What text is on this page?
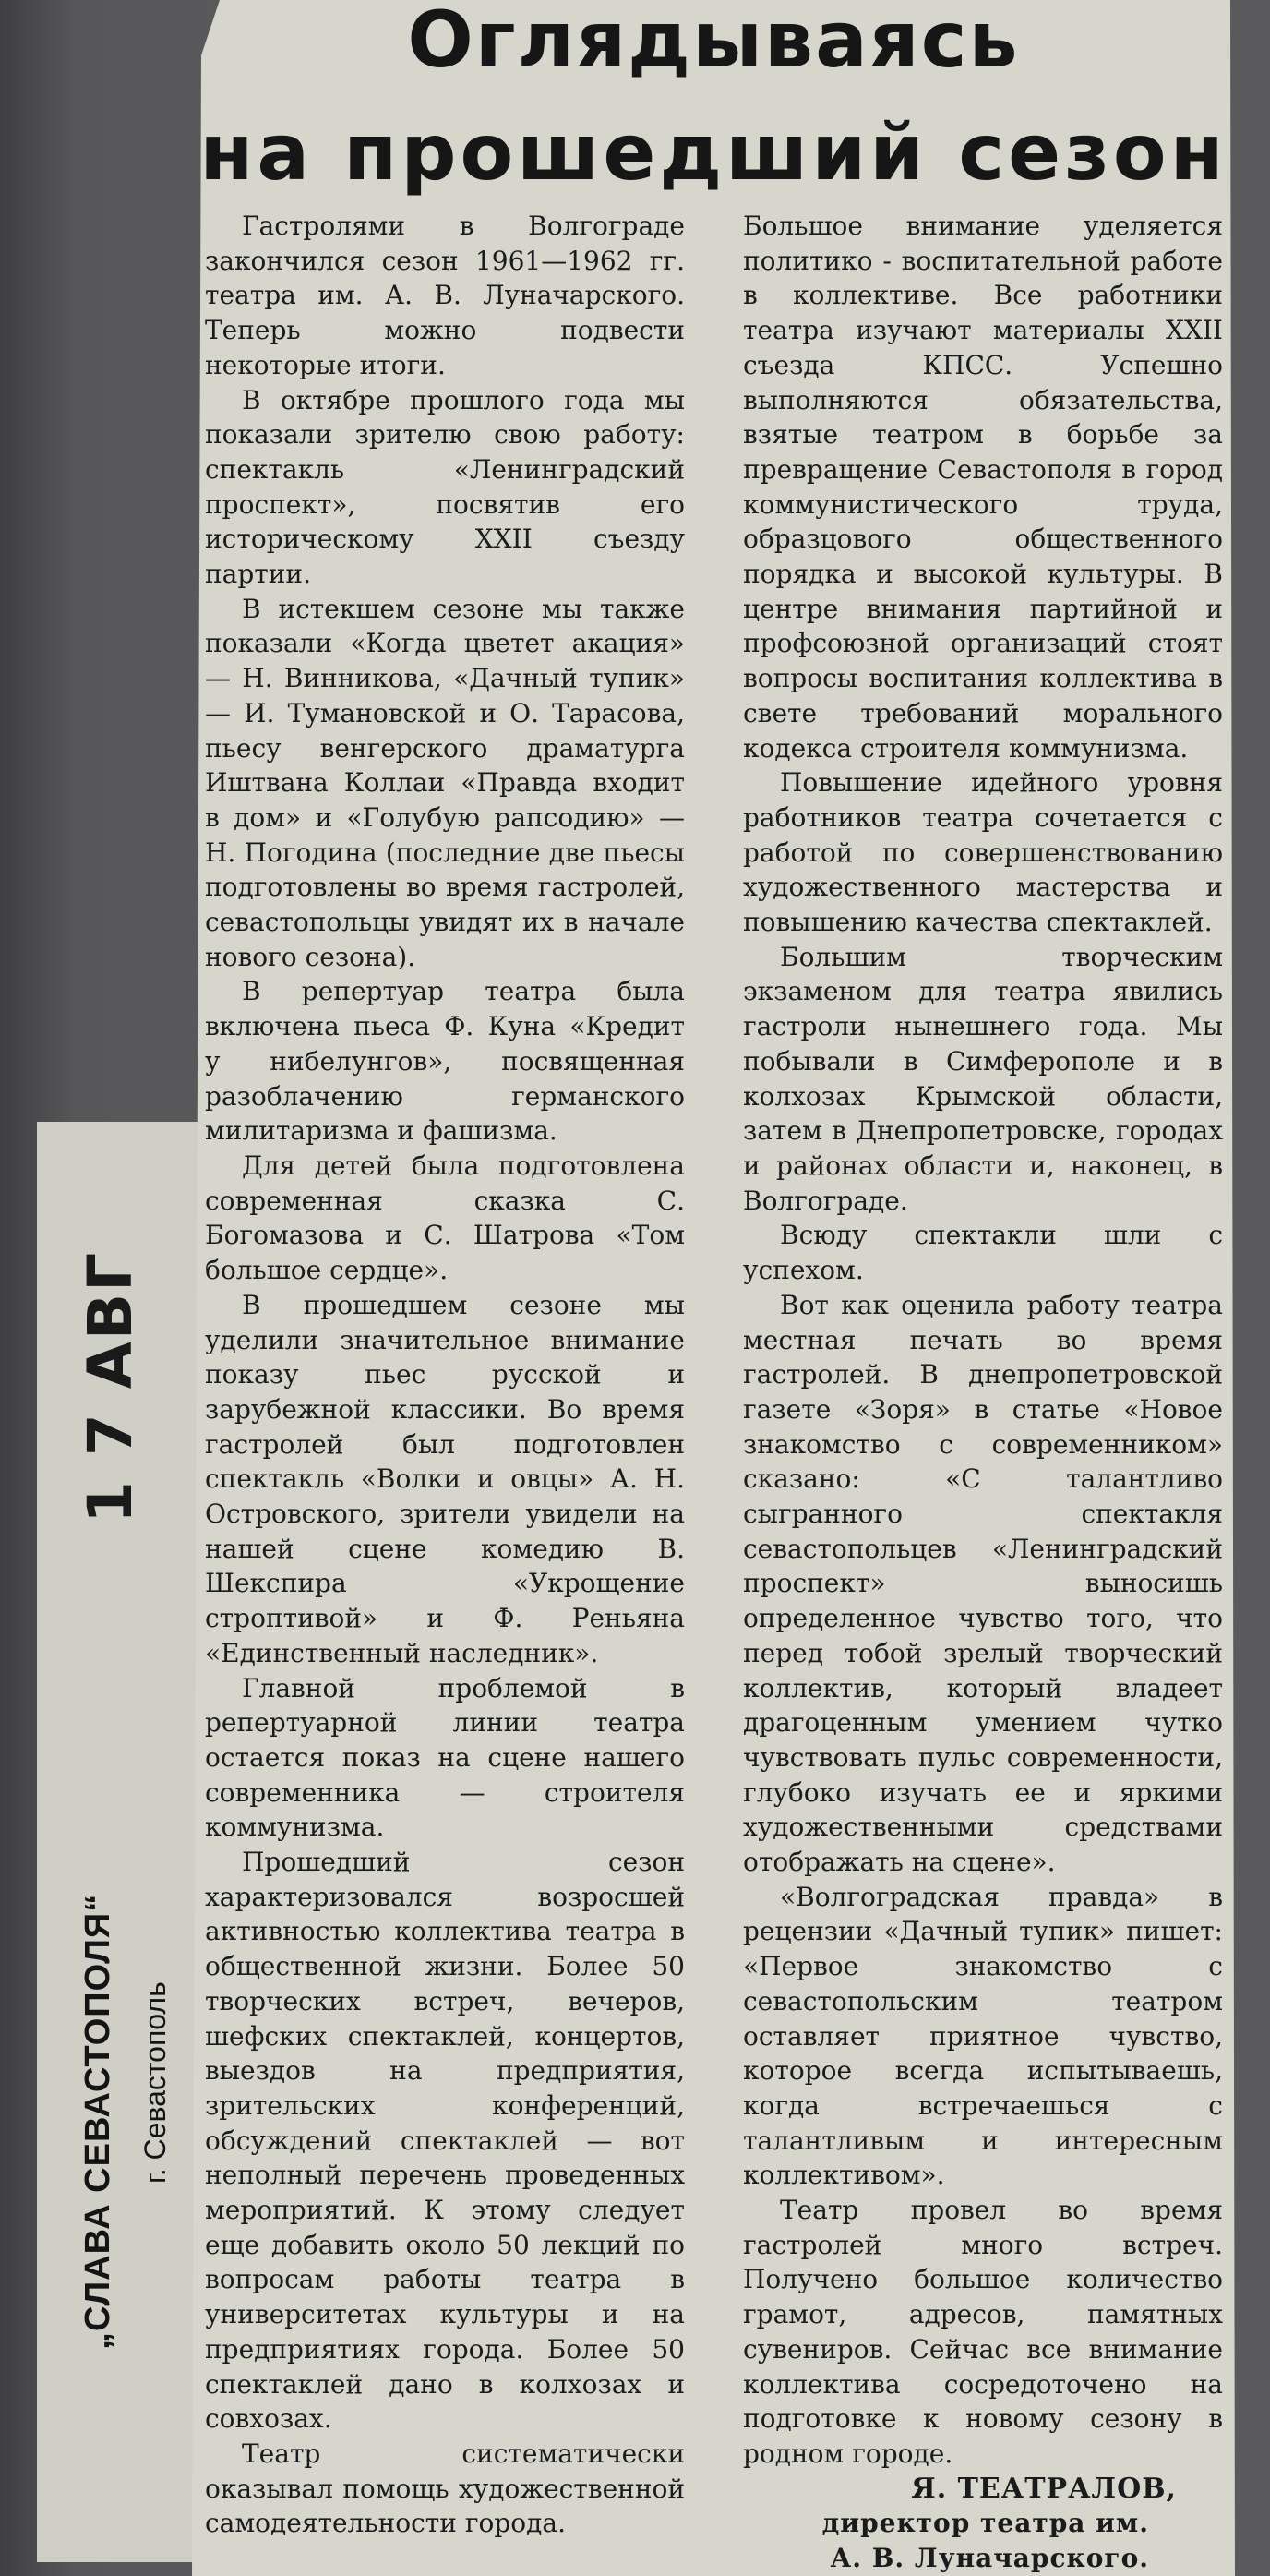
1 7 АВГ 1962
„СЛАВА СЕВАСТОПОЛЯ“ г. Севастополь
Оглядываясь
на прошедший сезон

Гастролями в Волгограде закончился сезон 1961—1962 гг. театра им. А. В. Луначарского. Теперь можно подвести некоторые итоги.

В октябре прошлого года мы показали зрителю свою работу: спектакль «Ленинградский проспект», посвятив его историческому XXII съезду партии.

В истекшем сезоне мы также показали «Когда цветет акация» — Н. Винникова, «Дачный тупик» — И. Тумановской и О. Тарасова, пьесу венгерского драматурга Иштвана Коллаи «Правда входит в дом» и «Голубую рапсодию» — Н. Погодина (последние две пьесы подготовлены во время гастролей, севастопольцы увидят их в начале нового сезона).

В репертуар театра была включена пьеса Ф. Куна «Кредит у нибелунгов», посвященная разоблачению германского милитаризма и фашизма.

Для детей была подготовлена современная сказка С. Богомазова и С. Шатрова «Том большое сердце».

В прошедшем сезоне мы уделили значительное внимание показу пьес русской и зарубежной классики. Во время гастролей был подготовлен спектакль «Волки и овцы» А. Н. Островского, зрители увидели на нашей сцене комедию В. Шекспира «Укрощение строптивой» и Ф. Реньяна «Единственный наследник».

Главной проблемой в репертуарной линии театра остается показ на сцене нашего современника — строителя коммунизма.

Прошедший сезон характеризовался возросшей активностью коллектива театра в общественной жизни. Более 50 творческих встреч, вечеров, шефских спектаклей, концертов, выездов на предприятия, зрительских конференций, обсуждений спектаклей — вот неполный перечень проведенных мероприятий. К этому следует еще добавить около 50 лекций по вопросам работы театра в университетах культуры и на предприятиях города. Более 50 спектаклей дано в колхозах и совхозах.

Театр систематически оказывал помощь художественной самодеятельности города.

Большое внимание уделяется политико - воспитательной работе в коллективе. Все работники театра изучают материалы XXII съезда КПСС. Успешно выполняются обязательства, взятые театром в борьбе за превращение Севастополя в город коммунистического труда, образцового общественного порядка и высокой культуры. В центре внимания партийной и профсоюзной организаций стоят вопросы воспитания коллектива в свете требований морального кодекса строителя коммунизма.

Повышение идейного уровня работников театра сочетается с работой по совершенствованию художественного мастерства и повышению качества спектаклей.

Большим творческим экзаменом для театра явились гастроли нынешнего года. Мы побывали в Симферополе и в колхозах Крымской области, затем в Днепропетровске, городах и районах области и, наконец, в Волгограде.

Всюду спектакли шли с успехом.

Вот как оценила работу театра местная печать во время гастролей. В днепропетровской газете «Зоря» в статье «Новое знакомство с современником» сказано: «С талантливо сыгранного спектакля севастопольцев «Ленинградский проспект» выносишь определенное чувство того, что перед тобой зрелый творческий коллектив, который владеет драгоценным умением чутко чувствовать пульс современности, глубоко изучать ее и яркими художественными средствами отображать на сцене».

«Волгоградская правда» в рецензии «Дачный тупик» пишет: «Первое знакомство с севастопольским театром оставляет приятное чувство, которое всегда испытываешь, когда встречаешься с талантливым и интересным коллективом».

Театр провел во время гастролей много встреч. Получено большое количество грамот, адресов, памятных сувениров. Сейчас все внимание коллектива сосредоточено на подготовке к новому сезону в родном городе.

Я. ТЕАТРАЛОВ,

директор театра им.

А. В. Луначарского.
